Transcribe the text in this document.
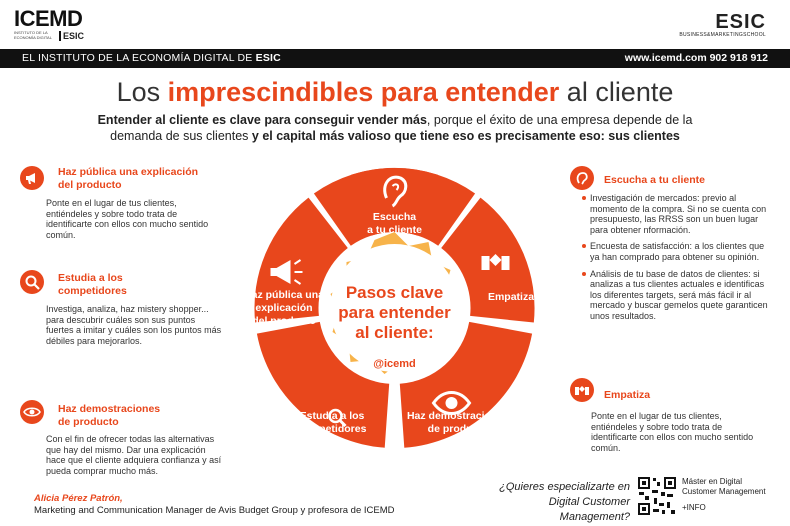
ICEMD
INSTITUTO DE LA ECONOMÍA DIGITAL	ESIC
ESIC
BUSINESS&MARKETINGSCHOOL
EL INSTITUTO DE LA ECONOMÍA DIGITAL DE ESIC	www.icemd.com 902 918 912
Los imprescindibles para entender al cliente
Entender al cliente es clave para conseguir vender más, porque el éxito de una empresa depende de la demanda de sus clientes y el capital más valioso que tiene eso es precisamente eso: sus clientes
Haz pública una explicación
del producto
Ponte en el lugar de tus clientes, entiéndeles y sobre todo trata de identificarte con ellos con mucho sentido común.
Estudia a los
competidores
Investiga, analiza, haz mistery shopper... para descubrir cuáles son sus puntos fuertes a imitar y cuáles son los puntos más débiles para mejorarlos.
Haz demostraciones
de producto
Con el fin de ofrecer todas las alternativas que hay del mismo. Dar una explicación hace que el cliente adquiera confianza y así pueda comprar mucho más.
Escucha
a tu cliente
Empatiza
Haz demostraciones
de producto
Estudia a los
competidores
Haz pública una
explicación
del producto
Pasos clave
para entender
al cliente:
@icemd
Escucha a tu cliente
Investigación de mercados: previo al momento de la compra. Si no se cuenta con presupuesto, las RRSS son un buen lugar para obtener nformación.
Encuesta de satisfacción: a los clientes que ya han comprado para obtener su opinión.
Análisis de tu base de datos de clientes: si analizas a tus clientes actuales e identificas los diferentes targets, será más fácil ir al mercado y buscar gemelos quete garanticen unos resultados.
Empatiza
Ponte en el lugar de tus clientes, entiéndeles y sobre todo trata de identificarte con ellos con mucho sentido común.
Alicia Pérez Patrón,
Marketing and Communication Manager de Avis Budget Group y profesora de ICEMD
¿Quieres especializarte en
Digital Customer Management?
Máster en Digital
Customer Management
+INFO
